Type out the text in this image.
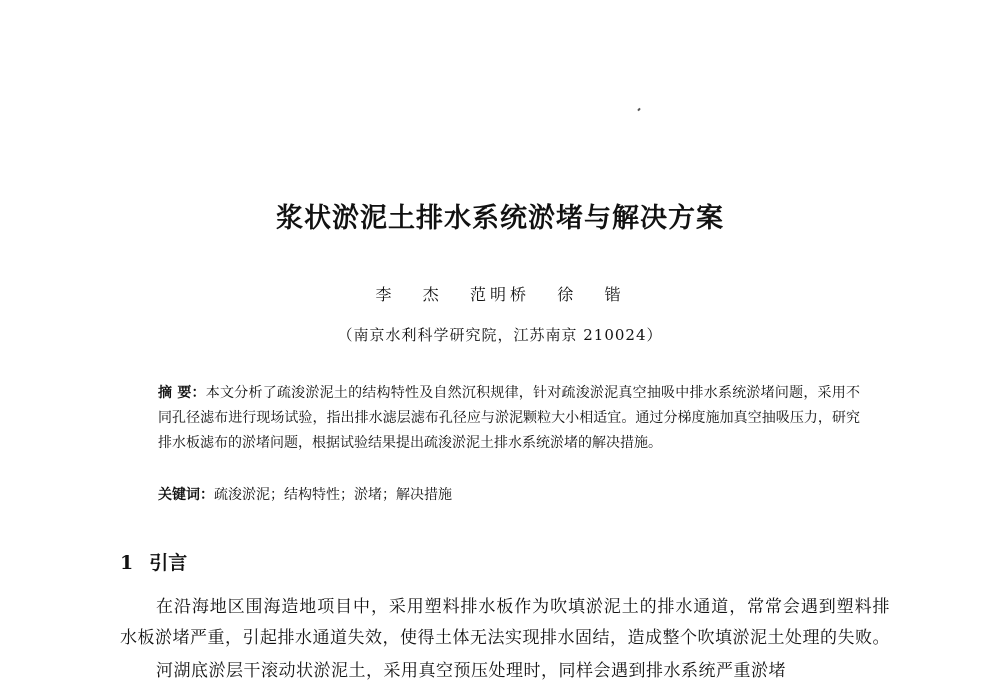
浆状淤泥土排水系统淤堵与解决方案
李   杰   范明桥   徐   锴
（南京水利科学研究院，江苏南京 210024）
摘 要：本文分析了疏浚淤泥土的结构特性及自然沉积规律，针对疏浚淤泥真空抽吸中排水系统淤堵问题，采用不同孔径滤布进行现场试验，指出排水滤层滤布孔径应与淤泥颗粒大小相适宜。通过分梯度施加真空抽吸压力，研究排水板滤布的淤堵问题，根据试验结果提出疏浚淤泥土排水系统淤堵的解决措施。
关键词：疏浚淤泥；结构特性；淤堵；解决措施
1 引言

在沿海地区围海造地项目中，采用塑料排水板作为吹填淤泥土的排水通道，常常会遇到塑料排水板淤堵严重，引起排水通道失效，使得土体无法实现排水固结，造成整个吹填淤泥土处理的失败。

河湖底淤层干滚动状淤泥土，采用真空预压处理时，同样会遇到排水系统严重淤堵
